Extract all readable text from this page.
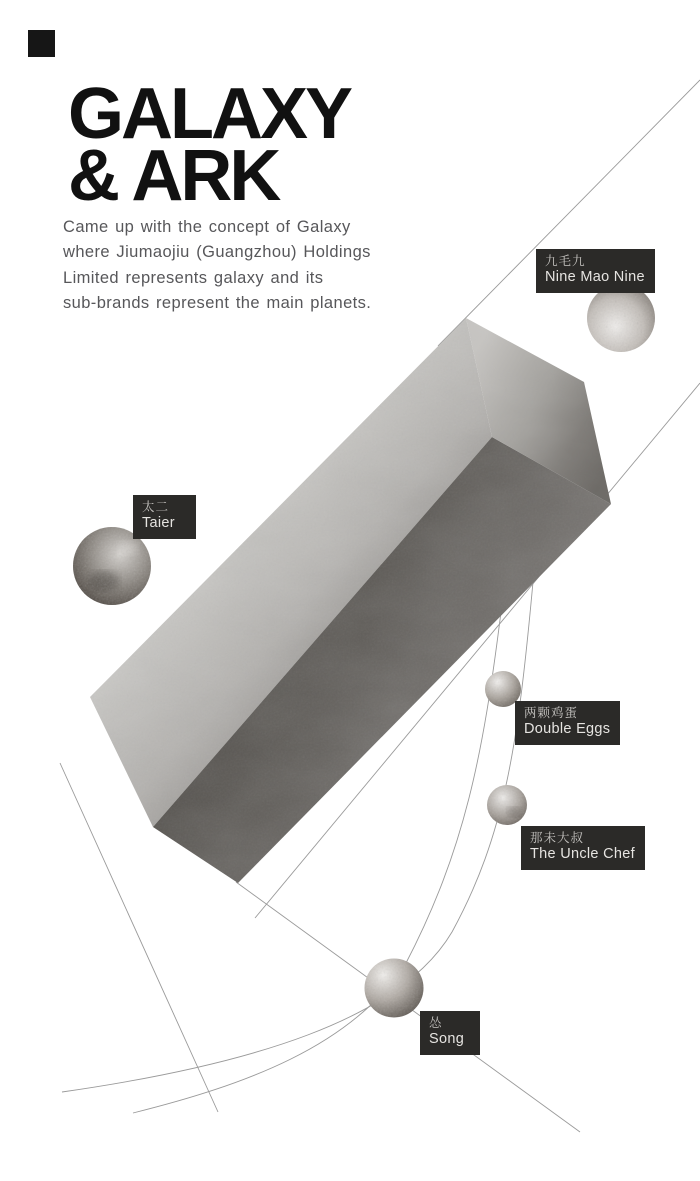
GALAXY
& ARK

Came up with the concept of Galaxy
where Jiumaojiu (Guangzhou) Holdings
Limited represents galaxy and its
sub-brands represent the main planets.

九毛九
Nine Mao Nine
太二
Taier
两颗鸡蛋
Double Eggs
那未大叔
The Uncle Chef
怂
Song
